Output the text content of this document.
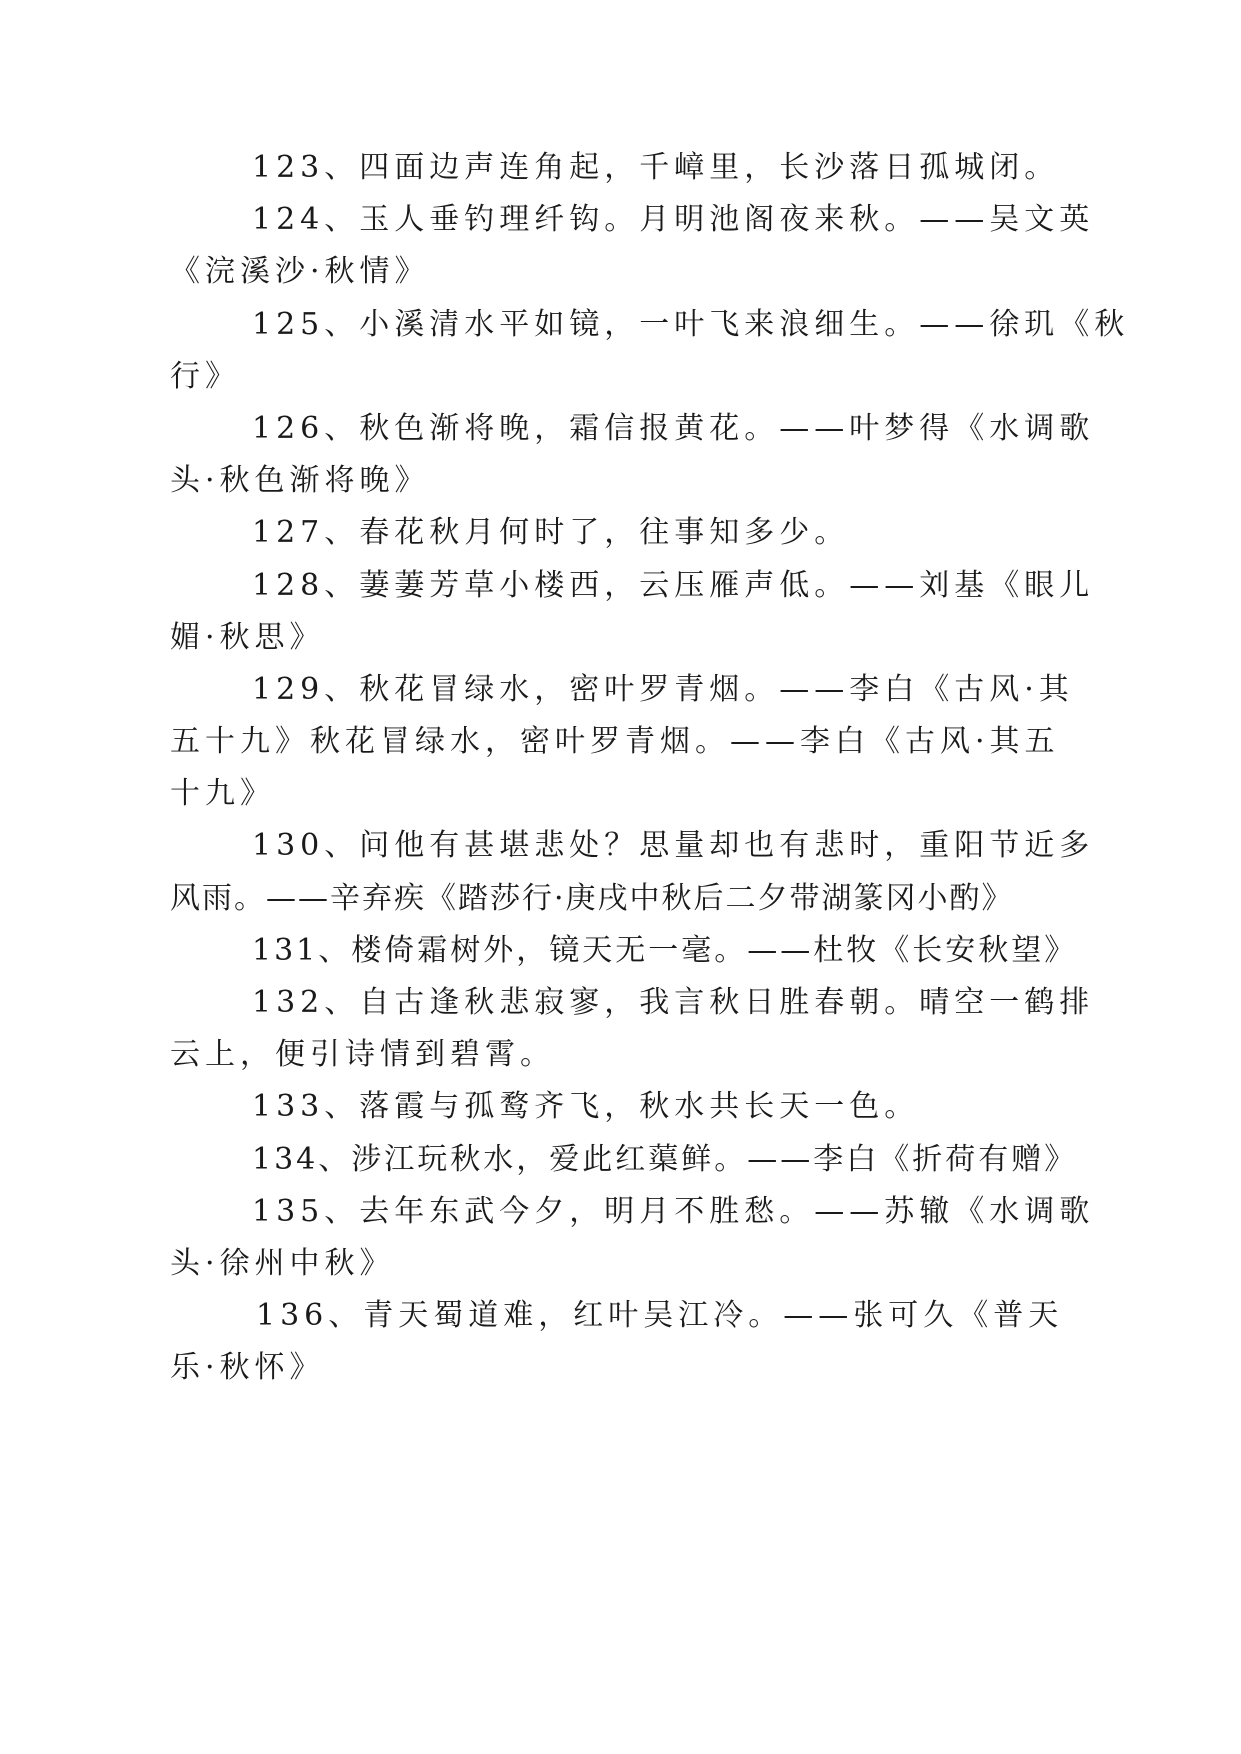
123、四面边声连角起，千嶂里，长沙落日孤城闭。
124、玉人垂钓理纤钩。月明池阁夜来秋。——吴文英
《浣溪沙·秋情》
125、小溪清水平如镜，一叶飞来浪细生。——徐玑《秋
行》
126、秋色渐将晚，霜信报黄花。——叶梦得《水调歌
头·秋色渐将晚》
127、春花秋月何时了，往事知多少。
128、萋萋芳草小楼西，云压雁声低。——刘基《眼儿
媚·秋思》
129、秋花冒绿水，密叶罗青烟。——李白《古风·其
五十九》秋花冒绿水，密叶罗青烟。——李白《古风·其五
十九》
130、问他有甚堪悲处？思量却也有悲时，重阳节近多
风雨。——辛弃疾《踏莎行·庚戌中秋后二夕带湖篆冈小酌》
131、楼倚霜树外，镜天无一毫。——杜牧《长安秋望》
132、自古逢秋悲寂寥，我言秋日胜春朝。晴空一鹤排
云上，便引诗情到碧霄。
133、落霞与孤鹜齐飞，秋水共长天一色。
134、涉江玩秋水，爱此红蕖鲜。——李白《折荷有赠》
135、去年东武今夕，明月不胜愁。——苏辙《水调歌
头·徐州中秋》
136、青天蜀道难，红叶吴江冷。——张可久《普天
乐·秋怀》
